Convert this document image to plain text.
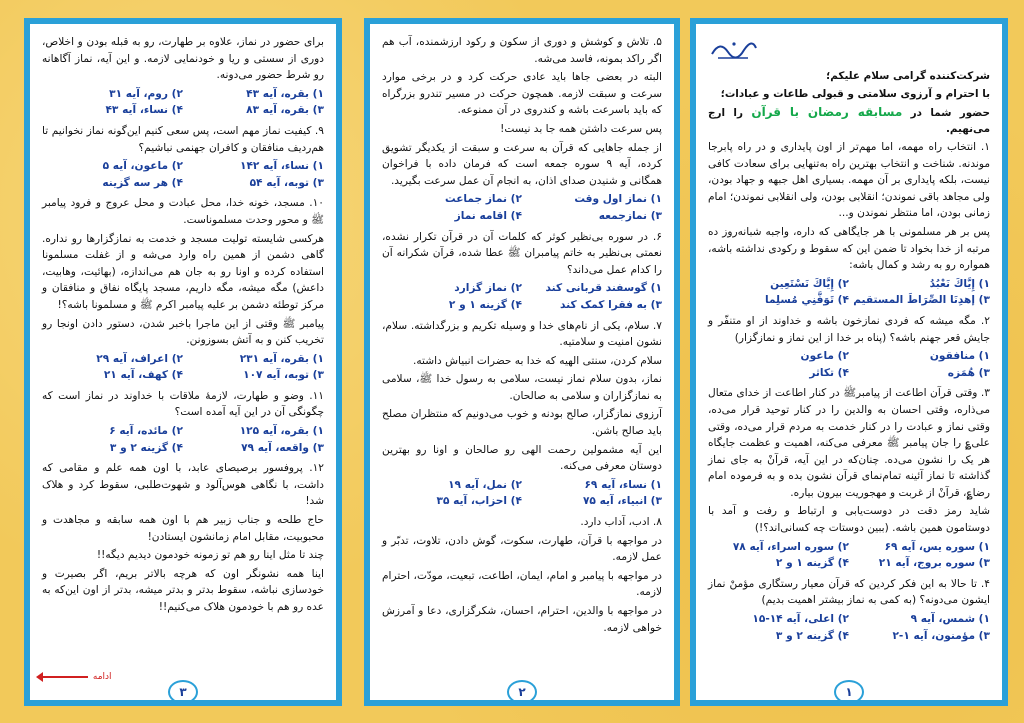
شرکت‌کننده گرامی سلام علیکم؛

با احترام و آرزوی سلامتی و قبولی طاعات و عبادات؛

حضور شما در مسابقه رمضان با قرآن را ارج می‌نهیم.

۱. انتخاب راه مهمه، اما مهم‌تر از اون پایداری و در راه پابرجا موندنه. شناخت و انتخاب بهترین راه به‌تنهایی برای سعادت کافی نیست، بلکه پایداری بر آن مهمه. بسیاری اهل جبهه و جهاد بودن، ولی مجاهد باقی نموندن؛ انقلابی بودن، ولی انقلابی نموندن؛ امام زمانی بودن، اما منتظر نموندن و...

پس بر هر مسلمونی با هر جایگاهی که داره، واجبه شبانه‌روز ده مرتبه از خدا بخواد تا ضمن این که سقوط و رکودی نداشته باشه، همواره رو به رشد و کمال باشه:

۱) إِيَّاكَ نَعْبُدُ
۲) إِيَّاكَ نَسْتَعِين
۳) إهدِنَا الصِّرَاطَ المستقيم
۴) تَوَفَّنِي مُسلِما

۲. مگه میشه که فردی نمازخون باشه و خداوند از او متنفّر و جایش قعر جهنم باشه؟ (پناه بر خدا از این نماز و نمازگزار)

۱) منافقون
۲) ماعون
۳) هُمَزه
۴) تکاثر

۳. وقتی قرآن اطاعت از پیامبرﷺ در کنار اطاعت از خدای متعال می‌ذاره، وقتی احسان به والدین را در کنار توحید قرار می‌ده، وقتی نماز و عبادت را در کنار خدمت به مردم قرار می‌ده، وقتی علی‌؏ را جان پیامبر ﷺ معرفی می‌کنه، اهمیت و عظمت جایگاه هر یک را نشون می‌ده. چنان‌که در این آیه، قرآنْ به جای نماز گذاشته تا نماز آئینه تمام‌نمای قرآن نشون بده و به فرموده امام رضا‌؏، قرآنْ از غربت و مهجوریت بیرون بیاره.

شاید رمز دقت در دوست‌یابی و ارتباط و رفت و آمد با دوستامون همین باشه. (ببین دوستات چه کسانی‌اند؟!)

۱) سوره یس، آیه ۶۹
۲) سوره اسراء، آیه ۷۸
۳) سوره بروج، آیه ۲۱
۴) گزینه ۱ و ۲

۴. تا حالا به این فکر کردین که قرآن معیار رستگاری مؤمنْ نماز ایشون می‌دونه؟ (به کمی به نماز بیشتر اهمیت بدیم)

۱) شمس، آیه ۹
۲) اعلی، آیه ۱۴-۱۵
۳) مؤمنون، آیه ۱-۲
۴) گزینه ۲ و ۳
۱

۵. تلاش و کوشش و دوری از سکون و رکود ارزشمنده، آب هم اگر راکد بمونه، فاسد می‌شه.

البته در بعضی جاها باید عادی حرکت کرد و در برخی موارد سرعت و سبقت لازمه. همچون حرکت در مسیر تندرو بزرگراه که باید باسرعت باشه و کندروی در آن ممنوعه.

پس سرعت داشتن همه جا بد نیست!

از جمله جاهایی که قرآن به سرعت و سبقت از یکدیگر تشویق کرده، آیه ۹ سوره جمعه است که فرمان داده با فراخوان همگانی و شنیدن صدای اذان، به انجام آن عمل سرعت بگیرید.

۱) نماز اول وقت
۲) نماز جماعت
۳) نمازجمعه
۴) اقامه نماز

۶. در سوره بی‌نظیر کوثر که کلمات آن در قرآن تکرار نشده، نعمتی بی‌نظیر به خاتم پیامبران ﷺ عطا شده، قرآن شکرانه آن را کدام عمل می‌داند؟

۱) گوسفند قربانی کند
۲) نماز گزارد
۳) به فقرا کمک کند
۴) گزینه ۱ و ۲

۷. سلام، یکی از نام‌های خدا و وسیله تکریم و بزرگداشته. سلام، نشون امنیت و سلامتیه.

سلام کردن، سنتی الهیه که خدا به حضرات انبیاش داشته.

نماز، بدون سلام نماز نیست، سلامی به رسول خدا ﷺ، سلامی به نمازگزاران و سلامی به صالحان.

آرزوی نمازگزار، صالح بودنه و خوب می‌دونیم که منتظران مصلح باید صالح باشن.

این آیه مشمولین رحمت الهی رو صالحان و اونا رو بهترین دوستان معرفی می‌کنه.

۱) نساء، آیه ۶۹
۲) نمل، آیه ۱۹
۳) انبیاء، آیه ۷۵
۴) احزاب، آیه ۳۵

۸. ادب، آداب دارد.

در مواجهه با قرآن، طهارت، سکوت، گوش دادن، تلاوت، تدبّر و عمل لازمه.

در مواجهه با پیامبر و امام، ایمان، اطاعت، تبعیت، مودّت، احترام لازمه.

در مواجهه با والدین، احترام، احسان، شکرگزاری، دعا و آمرزش خواهی لازمه.

۲

برای حضور در نماز، علاوه بر طهارت، رو به قبله بودن و اخلاص، دوری از سستی و ریا و خودنمایی لازمه. و این آیه، نماز آگاهانه رو شرط حضور می‌دونه.

۱) بقره، آیه ۴۳
۲) روم، آیه ۳۱
۳) بقره، آیه ۸۳
۴) نساء، آیه ۴۳

۹. کیفیت نماز مهم است، پس سعی کنیم این‌گونه نماز نخوانیم تا هم‌ردیف منافقان و کافران جهنمی نباشیم؟

۱) نساء، آیه ۱۴۲
۲) ماعون، آیه ۵
۳) توبه، آیه ۵۴
۴) هر سه گزینه

۱۰. مسجد، خونه خدا، محل عبادت و محل عروج و فرود پیامبر ﷺ و محور وحدت مسلموناست.

هرکسی شایسته تولیت مسجد و خدمت به نمازگزارها رو نداره. گاهی دشمن از همین راه وارد می‌شه و از غفلت مسلمونا استفاده کرده و اونا رو به جان هم می‌اندازه، (بهائیت، وهابیت، داعش) مگه میشه، مگه داریم، مسجد پایگاه نفاق و منافقان و مرکز توطئه دشمن بر علیه پیامبر اکرم ﷺ و مسلمونا باشه؟!

پیامبر ﷺ وقتی از این ماجرا باخبر شدن، دستور دادن اونجا رو تخریب کنن و به آتش بسوزونن.

۱) بقره، آیه ۲۳۱
۲) اعراف، آیه ۲۹
۳) توبه، آیه ۱۰۷
۴) کهف، آیه ۲۱

۱۱. وضو و طهارت، لازمهٔ ملاقات با خداوند در نماز است که چگونگی آن در این آیه آمده است؟

۱) بقره، آیه ۱۲۵
۲) مائده، آیه ۶
۳) واقعه، آیه ۷۹
۴) گزینه ۲ و ۳

۱۲. پروفسور برصیصای عابد، با اون همه علم و مقامی که داشت، با نگاهی هوس‌آلود و شهوت‌طلبی، سقوط کرد و هلاک شد!

حاج طلحه و جناب زبیر هم با اون همه سابقه و مجاهدت و محبوبیت، مقابل امام زمانشون ایستادن!

چند تا مثل اینا رو هم تو زمونه خودمون دیدیم دیگه!!

اینا همه نشونگر اون که هرچه بالاتر بریم، اگر بصیرت و خودسازی نباشه، سقوط بدتر و بدتر میشه، بدتر از اون این‌که به عده رو هم با خودمون هلاک می‌کنیم!!

ادامه
۳
